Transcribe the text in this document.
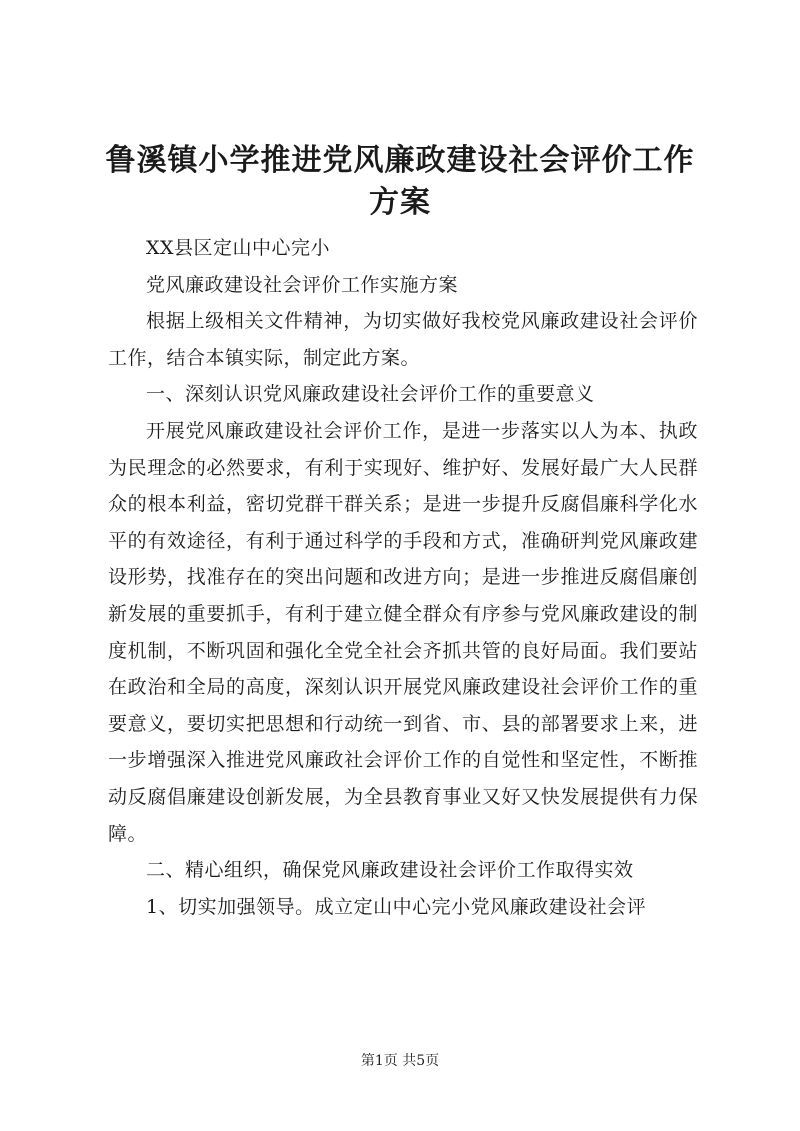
鲁溪镇小学推进党风廉政建设社会评价工作方案

XX县区定山中心完小

党风廉政建设社会评价工作实施方案

根据上级相关文件精神，为切实做好我校党风廉政建设社会评价工作，结合本镇实际，制定此方案。

一、深刻认识党风廉政建设社会评价工作的重要意义

开展党风廉政建设社会评价工作，是进一步落实以人为本、执政为民理念的必然要求，有利于实现好、维护好、发展好最广大人民群众的根本利益，密切党群干群关系；是进一步提升反腐倡廉科学化水平的有效途径，有利于通过科学的手段和方式，准确研判党风廉政建设形势，找准存在的突出问题和改进方向；是进一步推进反腐倡廉创新发展的重要抓手，有利于建立健全群众有序参与党风廉政建设的制度机制，不断巩固和强化全党全社会齐抓共管的良好局面。我们要站在政治和全局的高度，深刻认识开展党风廉政建设社会评价工作的重要意义，要切实把思想和行动统一到省、市、县的部署要求上来，进一步增强深入推进党风廉政社会评价工作的自觉性和坚定性，不断推动反腐倡廉建设创新发展，为全县教育事业又好又快发展提供有力保障。

二、精心组织，确保党风廉政建设社会评价工作取得实效

1、切实加强领导。成立定山中心完小党风廉政建设社会评

第1页 共5页
